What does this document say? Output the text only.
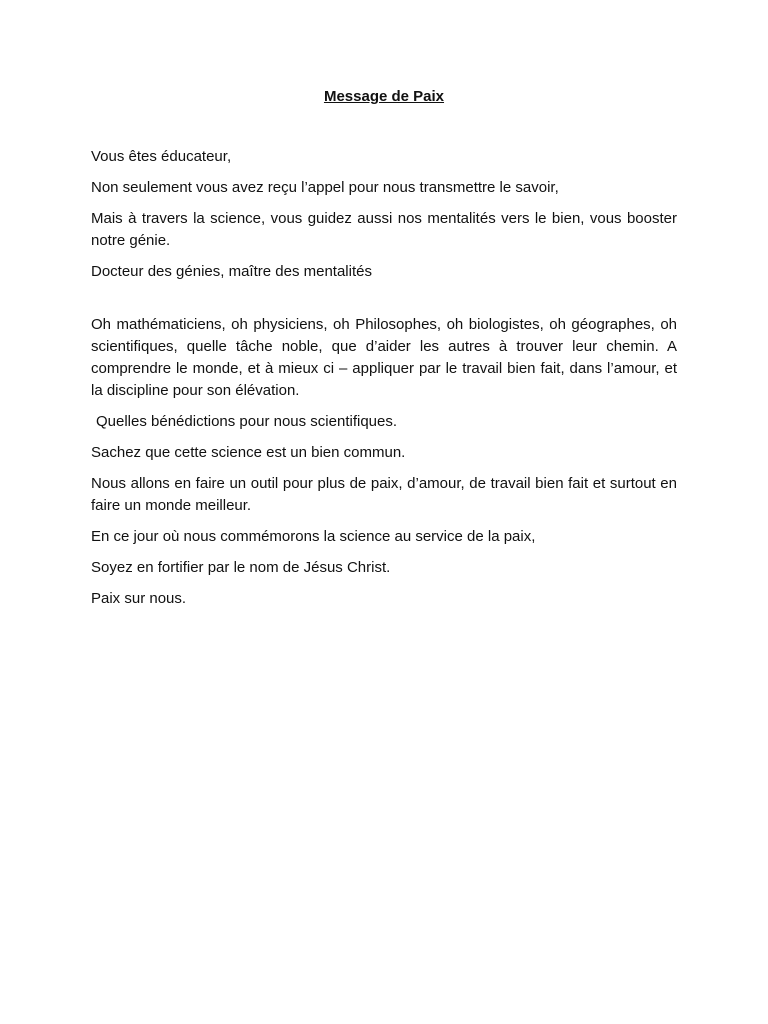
Message de Paix

Vous êtes éducateur,

Non seulement vous avez reçu l’appel pour nous transmettre le savoir,

Mais à travers la science, vous guidez aussi nos mentalités vers le bien, vous booster notre génie.

Docteur des génies, maître des mentalités

Oh mathématiciens, oh physiciens, oh Philosophes, oh biologistes, oh géographes, oh scientifiques, quelle tâche noble, que d’aider les autres à trouver leur chemin. A comprendre le monde, et à mieux ci – appliquer par le travail bien fait, dans l’amour, et la discipline pour son élévation.

Quelles bénédictions pour nous scientifiques.

Sachez que cette science est un bien commun.

Nous allons en faire un outil pour plus de paix, d’amour, de travail bien fait et surtout en faire un monde meilleur.

En ce jour où nous commémorons la science au service de la paix,

Soyez en fortifier par le nom de Jésus Christ.

Paix sur nous.
